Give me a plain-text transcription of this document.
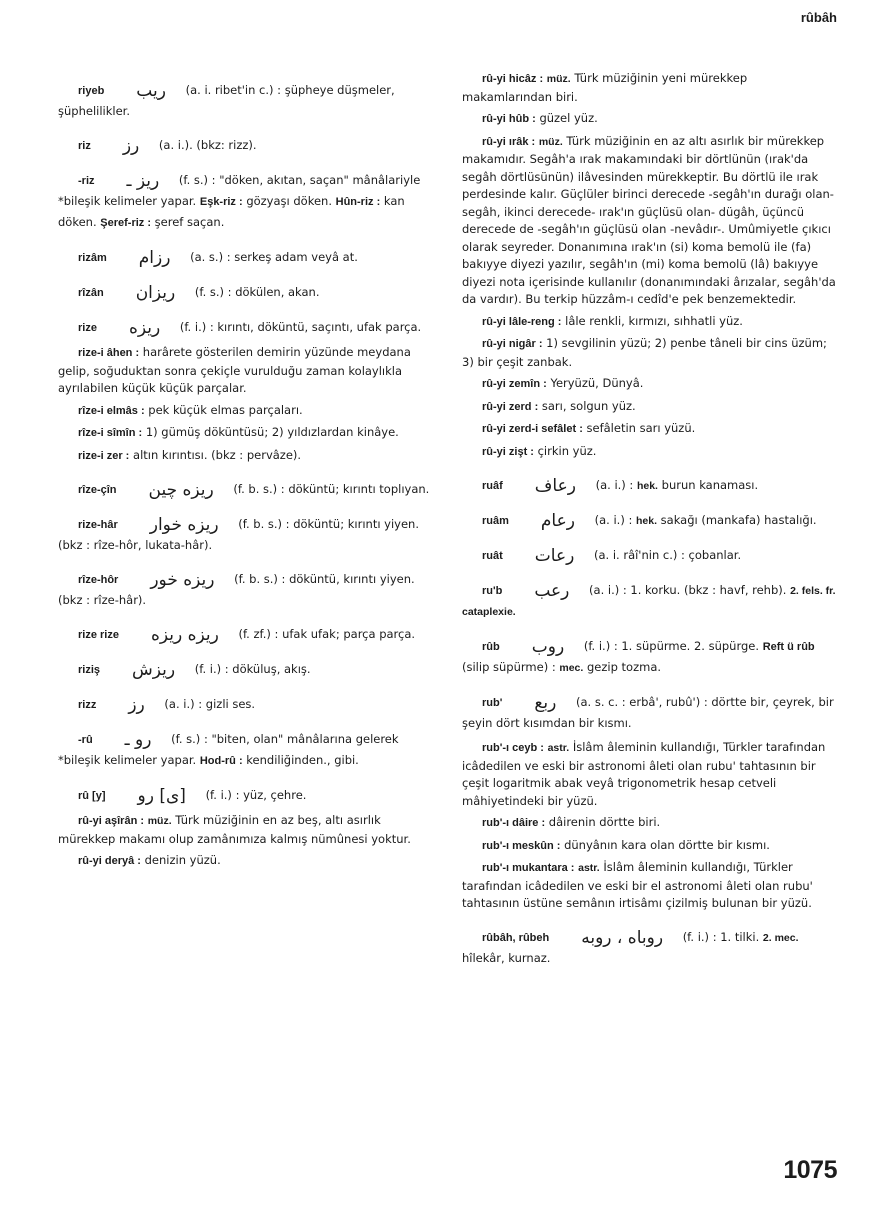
rûbâh

riyeb ريب (a. i. ribet'in c.) : şüpheye düşmeler, şüphelilikler.

riz رز (a. i.). (bkz: rizz).

-riz ريز ـ (f. s.) : "döken, akıtan, saçan" mânâlariyle *bileşik kelimeler yapar. Eşk-riz : gözyaşı döken. Hûn-riz : kan döken. Şeref-riz : şeref saçan.

rizâm رزام (a. s.) : serkeş adam veyâ at.

rîzân ريزان (f. s.) : dökülen, akan.

rize ريزه (f. i.) : kırıntı, döküntü, saçıntı, ufak parça.

rize-i âhen : harârete gösterilen demirin yüzünde meydana gelip, soğuduktan sonra çekiçle vurulduğu zaman kolaylıkla ayrılabilen küçük küçük parçalar.

rîze-i elmâs : pek küçük elmas parçaları.

rîze-i sîmîn : 1) gümüş döküntüsü; 2) yıldızlardan kinâye.

rize-i zer : altın kırıntısı. (bkz : pervâze).

rîze-çîn ريزه چين (f. b. s.) : döküntü; kırıntı toplıyan.

rize-hâr ريزه خوار (f. b. s.) : döküntü; kırıntı yiyen. (bkz : rîze-hôr, lukata-hâr).

rîze-hôr ريزه خور (f. b. s.) : döküntü, kırıntı yiyen. (bkz : rîze-hâr).

rize rize ريزه ريزه (f. zf.) : ufak ufak; parça parça.

riziş ريزش (f. i.) : döküluş, akış.

rizz رز (a. i.) : gizli ses.

-rû رو ـ (f. s.) : "biten, olan" mânâlarına gelerek *bileşik kelimeler yapar. Hod-rû : kendiliğinden., gibi.

rû [y] [ى] رو (f. i.) : yüz, çehre.

rû-yi aşîrân : müz. Türk müziğinin en az beş, altı asırlık mürekkep makamı olup zamânımıza kalmış nümûnesi yoktur.

rû-yi deryâ : denizin yüzü.

rû-yi hicâz : müz. Türk müziğinin yeni mürekkep makamlarından biri.

rû-yi hûb : güzel yüz.

rû-yi ırâk : müz. Türk müziğinin en az altı asırlık bir mürekkep makamıdır. Segâh'a ırak makamındaki bir dörtlünün (ırak'da segâh dörtlüsünün) ilâvesinden mürekkeptir. Bu dörtlü ile ırak perdesinde kalır. Güçlüler birinci derecede -segâh'ın durağı olan- segâh, ikinci derecede- ırak'ın güçlüsü olan- dügâh, üçüncü derecede de -segâh'ın güçlüsü olan -nevâdır-. Umûmiyetle çıkıcı olarak seyreder. Donanımına ırak'ın (si) koma bemolü ile (fa) bakıyye diyezi yazılır, segâh'ın (mi) koma bemolü (lâ) bakıyye diyezi nota içerisinde kullanılır (donanımındaki ârızalar, segâh'da da vardır). Bu terkip hüzzâm-ı cedîd'e pek benzemektedir.

rû-yi lâle-reng : lâle renkli, kırmızı, sıhhatli yüz.

rû-yi nigâr : 1) sevgilinin yüzü; 2) penbe tâneli bir cins üzüm; 3) bir çeşit zanbak.

rû-yi zemîn : Yeryüzü, Dünyâ.

rû-yi zerd : sarı, solgun yüz.

rû-yi zerd-i sefâlet : sefâletin sarı yüzü.

rû-yi zişt : çirkin yüz.

ruâf رعاف (a. i.) : hek. burun kanaması.

ruâm رعام (a. i.) : hek. sakağı (mankafa) hastalığı.

ruât رعات (a. i. râî'nin c.) : çobanlar.

ru'b رعب (a. i.) : 1. korku. (bkz : havf, rehb). 2. fels. fr. cataplexie.

rûb روب (f. i.) : 1. süpürme. 2. süpürge. Reft ü rûb (silip süpürme) : mec. gezip tozma.

rub' ربع (a. s. c. : erbâ', rubû') : dörtte bir, çeyrek, bir şeyin dört kısımdan bir kısmı.

rub'-ı ceyb : astr. İslâm âleminin kullandığı, Türkler tarafından icâdedilen ve eski bir astronomi âleti olan rubu' tahtasının bir çeşit logaritmik abak veyâ trigonometrik hesap cetveli mâhiyetindeki bir yüzü.

rub'-ı dâire : dâirenin dörtte biri.

rub'-ı meskûn : dünyânın kara olan dörtte bir kısmı.

rub'-ı mukantara : astr. İslâm âleminin kullandığı, Türkler tarafından icâdedilen ve eski bir el astronomi âleti olan rubu' tahtasının üstüne semânın irtisâmı çizilmiş bulunan bir yüzü.

rûbâh, rûbeh روباه ، روبه (f. i.) : 1. tilki. 2. mec. hîlekâr, kurnaz.

1075
